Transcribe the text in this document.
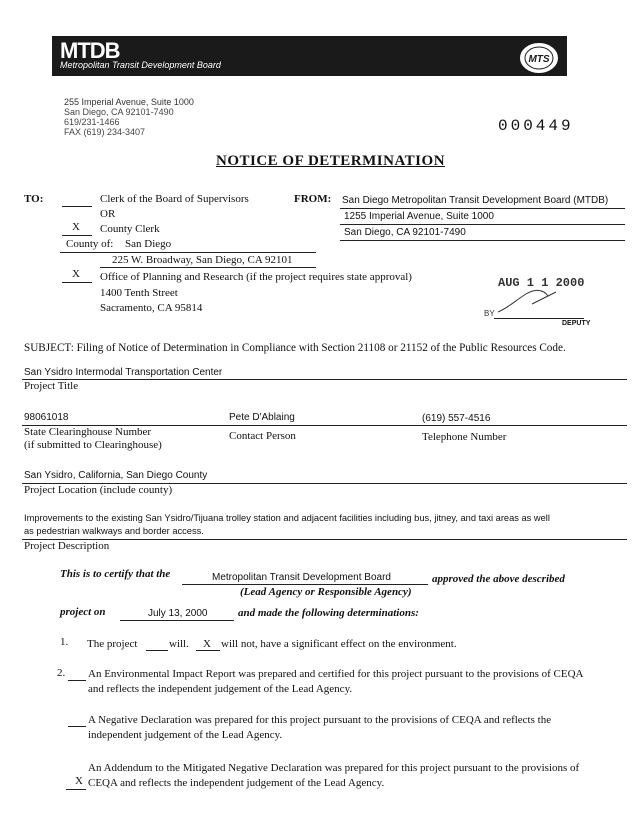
MTDB
Metropolitan Transit Development Board	MTS
255 Imperial Avenue, Suite 1000
San Diego, CA 92101-7490
619/231-1466
FAX (619) 234-3407	000449
NOTICE OF DETERMINATION
TO:	Clerk of the Board of Supervisors
OR
X	County Clerk
County of: San Diego
225 W. Broadway, San Diego, CA 92101
X	Office of Planning and Research (if the project requires state approval)
1400 Tenth Street
Sacramento, CA 95814
FROM: San Diego Metropolitan Transit Development Board (MTDB)
1255 Imperial Avenue, Suite 1000
San Diego, CA 92101-7490
AUG 1 1 2000
BY
DEPUTY
SUBJECT: Filing of Notice of Determination in Compliance with Section 21108 or 21152 of the Public Resources Code.
San Ysidro Intermodal Transportation Center
Project Title
98061018
State Clearinghouse Number
(if submitted to Clearinghouse)
Pete D'Ablaing
Contact Person
(619) 557-4516
Telephone Number
San Ysidro, California, San Diego County
Project Location (include county)
Improvements to the existing San Ysidro/Tijuana trolley station and adjacent facilities including bus, jitney, and taxi areas as well
as pedestrian walkways and border access.
Project Description
This is to certify that the	Metropolitan Transit Development Board	approved the above described
(Lead Agency or Responsible Agency)
project on	July 13, 2000	and made the following determinations:
1. The project	will.	X will not, have a significant effect on the environment.
2. An Environmental Impact Report was prepared and certified for this project pursuant to the provisions of CEQA
and reflects the independent judgement of the Lead Agency.
A Negative Declaration was prepared for this project pursuant to the provisions of CEQA and reflects the
independent judgement of the Lead Agency.
An Addendum to the Mitigated Negative Declaration was prepared for this project pursuant to the provisions of
X CEQA and reflects the independent judgement of the Lead Agency.
